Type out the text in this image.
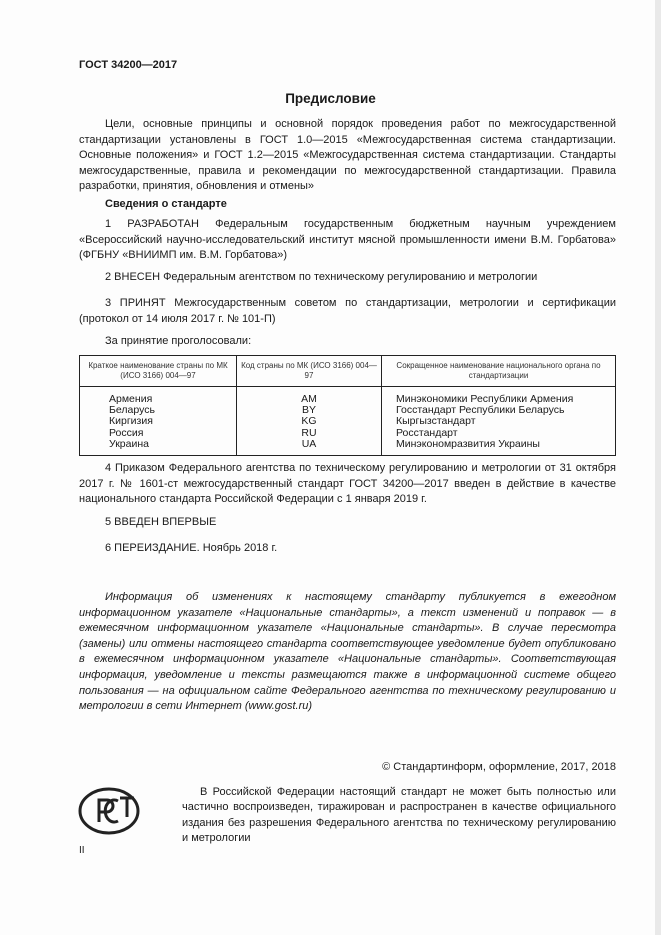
ГОСТ 34200—2017
Предисловие
Цели, основные принципы и основной порядок проведения работ по межгосударственной стандартизации установлены в ГОСТ 1.0—2015 «Межгосударственная система стандартизации. Основные положения» и ГОСТ 1.2—2015 «Межгосударственная система стандартизации. Стандарты межгосударственные, правила и рекомендации по межгосударственной стандартизации. Правила разработки, принятия, обновления и отмены»
Сведения о стандарте
1 РАЗРАБОТАН Федеральным государственным бюджетным научным учреждением «Всероссийский научно-исследовательский институт мясной промышленности имени В.М. Горбатова» (ФГБНУ «ВНИИМП им. В.М. Горбатова»)
2 ВНЕСЕН Федеральным агентством по техническому регулированию и метрологии
3 ПРИНЯТ Межгосударственным советом по стандартизации, метрологии и сертификации (протокол от 14 июля 2017 г. № 101-П)
За принятие проголосовали:
Краткое наименование страны по МК (ИСО 3166) 004—97	Код страны по МК (ИСО 3166) 004—97	Сокращенное наименование национального органа по стандартизации
Армения	AM	Минэкономики Республики Армения
Беларусь	BY	Госстандарт Республики Беларусь
Киргизия	KG	Кыргызстандарт
Россия	RU	Росстандарт
Украина	UA	Минэкономразвития Украины
4 Приказом Федерального агентства по техническому регулированию и метрологии от 31 октября 2017 г. № 1601-ст межгосударственный стандарт ГОСТ 34200—2017 введен в действие в качестве национального стандарта Российской Федерации с 1 января 2019 г.
5 ВВЕДЕН ВПЕРВЫЕ
6 ПЕРЕИЗДАНИЕ. Ноябрь 2018 г.
Информация об изменениях к настоящему стандарту публикуется в ежегодном информационном указателе «Национальные стандарты», а текст изменений и поправок — в ежемесячном информационном указателе «Национальные стандарты». В случае пересмотра (замены) или отмены настоящего стандарта соответствующее уведомление будет опубликовано в ежемесячном информационном указателе «Национальные стандарты». Соответствующая информация, уведомление и тексты размещаются также в информационной системе общего пользования — на официальном сайте Федерального агентства по техническому регулированию и метрологии в сети Интернет (www.gost.ru)
© Стандартинформ, оформление, 2017, 2018
В Российской Федерации настоящий стандарт не может быть полностью или частично воспроизведен, тиражирован и распространен в качестве официального издания без разрешения Федерального агентства по техническому регулированию и метрологии
II
